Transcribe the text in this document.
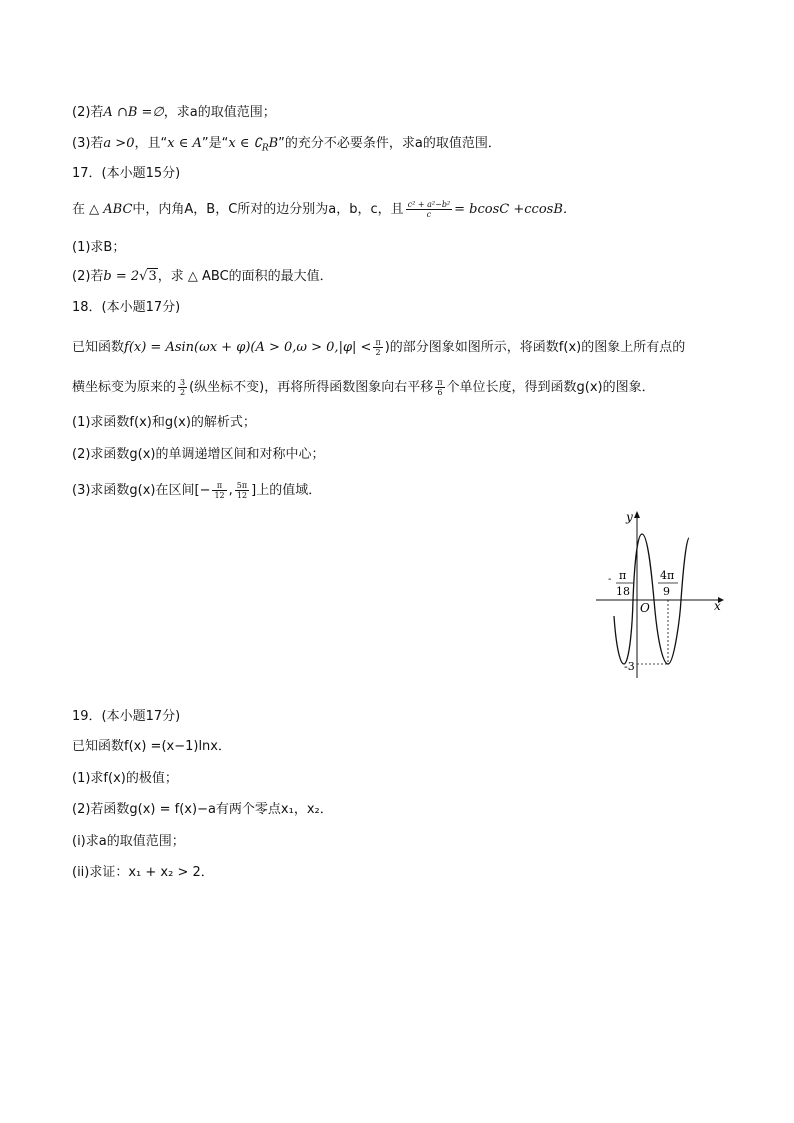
(2)若A ∩B =∅，求a的取值范围；
(3)若a >0，且“x ∈ A”是“x ∈ $∁_RB$”的充分不必要条件，求a的取值范围．
17．(本小题15分)
在 △ ABC中，内角A，B，C所对的边分别为a，b，c，且 $\frac{\text{c² + a²−b²}}{c} = bcosC +ccosB$．
(1)求B；
(2)若b = 2√3，求 △ ABC的面积的最大值．
18．(本小题17分)
已知函数$f(x) = Asin(\omega x + \varphi)(A > 0,\omega > 0,|\varphi| < \frac{\pi}{2}$ )的部分图象如图所示，将函数f(x)的图象上所有点的
横坐标变为原来的 $\frac{3}{2}$ (纵坐标不变)，再将所得函数图象向右平移 $\frac{\pi}{6}$ 个单位长度，得到函数g(x)的图象．
(1)求函数f(x)和g(x)的解析式；
(2)求函数g(x)的单调递增区间和对称中心；
(3)求函数g(x)在区间[− $\frac{\pi}{12}$ , $\frac{5\pi}{12}$ ]上的值域．
y
x
O
- π
18
4π
9
-3
19．(本小题17分)
已知函数f(x) =(x−1)lnx．
(1)求f(x)的极值；
(2)若函数g(x) = f(x)−a有两个零点x₁，x₂．
(i)求a的取值范围；
(ii)求证：x₁ + x₂ > 2．
